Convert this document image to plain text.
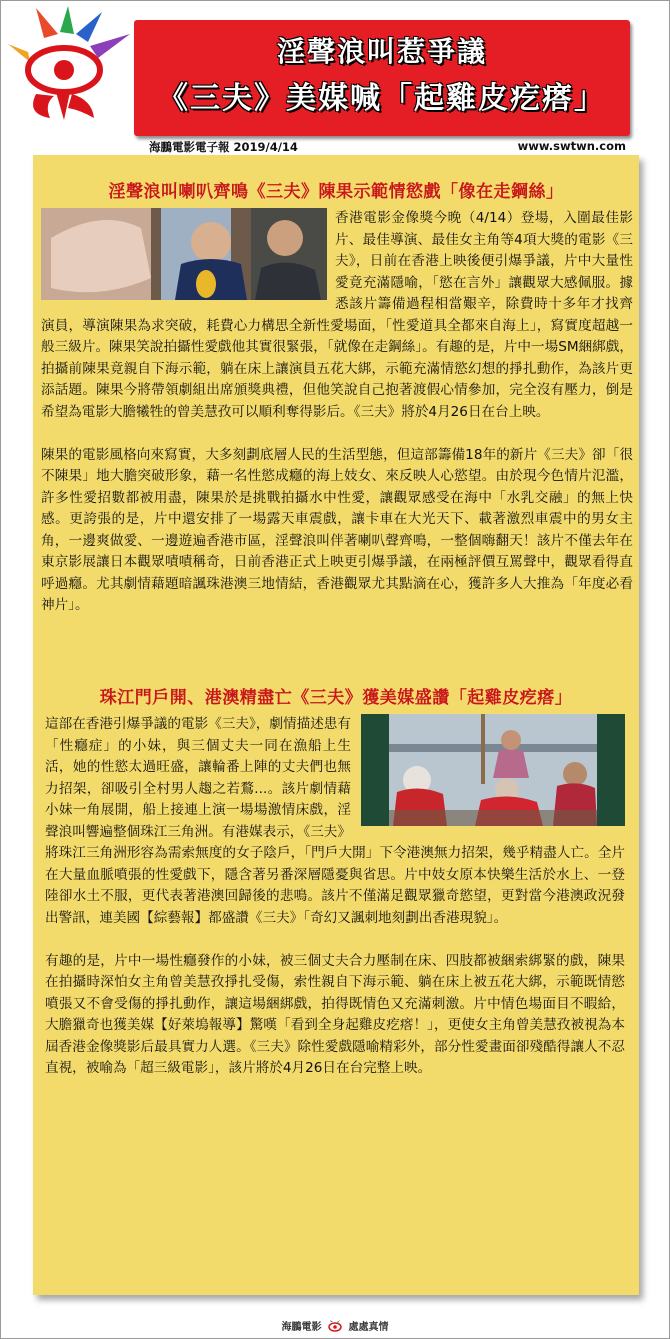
淫聲浪叫惹爭議
《三夫》美媒喊「起雞皮疙瘩」
海鵬電影電子報 2019/4/14	www.swtwn.com
淫聲浪叫喇叭齊鳴《三夫》陳果示範情慾戲「像在走鋼絲」

香港電影金像獎今晚（4/14）登場，入圍最佳影片、最佳導演、最佳女主角等4項大獎的電影《三夫》，日前在香港上映後便引爆爭議，片中大量性愛竟充滿隱喻，「慾在言外」讓觀眾大感佩服。據悉該片籌備過程相當艱辛，除費時十多年才找齊演員，導演陳果為求突破，耗費心力構思全新性愛場面，「性愛道具全都來自海上」，寫實度超越一般三級片。陳果笑說拍攝性愛戲他其實很緊張，「就像在走鋼絲」。有趣的是，片中一場SM綑綁戲，拍攝前陳果竟親自下海示範，躺在床上讓演員五花大綁，示範充滿情慾幻想的掙扎動作，為該片更添話題。陳果今將帶領劇組出席頒獎典禮，但他笑說自己抱著渡假心情參加，完全沒有壓力，倒是希望為電影大膽犧牲的曾美慧孜可以順利奪得影后。《三夫》將於4月26日在台上映。

陳果的電影風格向來寫實，大多刻劃底層人民的生活型態，但這部籌備18年的新片《三夫》卻「很不陳果」地大膽突破形象，藉一名性慾成癮的海上妓女、來反映人心慾望。由於現今色情片氾濫，許多性愛招數都被用盡，陳果於是挑戰拍攝水中性愛，讓觀眾感受在海中「水乳交融」的無上快感。更誇張的是，片中還安排了一場露天車震戲，讓卡車在大光天下、載著激烈車震中的男女主角，一邊爽做愛、一邊遊遍香港市區，淫聲浪叫伴著喇叭聲齊鳴，一整個嗨翻天！該片不僅去年在東京影展讓日本觀眾嘖嘖稱奇，日前香港正式上映更引爆爭議，在兩極評價互罵聲中，觀眾看得直呼過癮。尤其劇情藉題暗諷珠港澳三地情結，香港觀眾尤其點滴在心，獲許多人大推為「年度必看神片」。

珠江門戶開、港澳精盡亡《三夫》獲美媒盛讚「起雞皮疙瘩」

這部在香港引爆爭議的電影《三夫》，劇情描述患有「性癮症」的小妹，與三個丈夫一同在漁船上生活，她的性慾太過旺盛，讓輪番上陣的丈夫們也無力招架，卻吸引全村男人趨之若鶩...。該片劇情藉小妹一角展開，船上接連上演一場場激情床戲，淫聲浪叫響遍整個珠江三角洲。有港媒表示，《三夫》將珠江三角洲形容為需索無度的女子陰戶，「門戶大開」下令港澳無力招架，幾乎精盡人亡。全片在大量血脈噴張的性愛戲下，隱含著另番深層隱憂與省思。片中妓女原本快樂生活於水上、一登陸卻水土不服，更代表著港澳回歸後的悲鳴。該片不僅滿足觀眾獵奇慾望，更對當今港澳政況發出警訊，連美國【綜藝報】都盛讚《三夫》「奇幻又諷刺地刻劃出香港現貌」。

有趣的是，片中一場性癮發作的小妹，被三個丈夫合力壓制在床、四肢都被綑索綁緊的戲，陳果在拍攝時深怕女主角曾美慧孜掙扎受傷，索性親自下海示範、躺在床上被五花大綁，示範既情慾噴張又不會受傷的掙扎動作，讓這場綑綁戲，拍得既情色又充滿刺激。片中情色場面目不暇給，大膽獵奇也獲美媒【好萊塢報導】驚嘆「看到全身起雞皮疙瘩！」，更使女主角曾美慧孜被視為本屆香港金像獎影后最具實力人選。《三夫》除性愛戲隱喻精彩外，部分性愛畫面卻殘酷得讓人不忍直視，被喻為「超三級電影」，該片將於4月26日在台完整上映。

海鵬電影	處處真情
